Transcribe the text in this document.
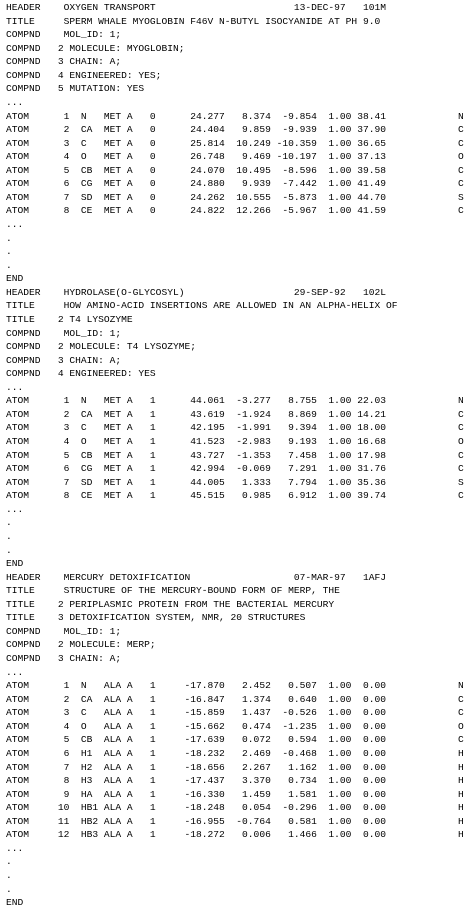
HEADER    OXYGEN TRANSPORT                        13-DEC-97   101M
TITLE     SPERM WHALE MYOGLOBIN F46V N-BUTYL ISOCYANIDE AT PH 9.0
COMPND    MOL_ID: 1;
COMPND   2 MOLECULE: MYOGLOBIN;
COMPND   3 CHAIN: A;
COMPND   4 ENGINEERED: YES;
COMPND   5 MUTATION: YES
...
ATOM      1  N   MET A   0      24.277   8.374  -9.854  1.00 38.41	N
ATOM      2  CA  MET A   0      24.404   9.859  -9.939  1.00 37.90	C
ATOM      3  C   MET A   0      25.814  10.249 -10.359  1.00 36.65	C
ATOM      4  O   MET A   0      26.748   9.469 -10.197  1.00 37.13	O
ATOM      5  CB  MET A   0      24.070  10.495  -8.596  1.00 39.58	C
ATOM      6  CG  MET A   0      24.880   9.939  -7.442  1.00 41.49	C
ATOM      7  SD  MET A   0      24.262  10.555  -5.873  1.00 44.70	S
ATOM      8  CE  MET A   0      24.822  12.266  -5.967  1.00 41.59	C
...
.
.
.
END
HEADER    HYDROLASE(O-GLYCOSYL)                   29-SEP-92   102L
TITLE     HOW AMINO-ACID INSERTIONS ARE ALLOWED IN AN ALPHA-HELIX OF
TITLE    2 T4 LYSOZYME
COMPND    MOL_ID: 1;
COMPND   2 MOLECULE: T4 LYSOZYME;
COMPND   3 CHAIN: A;
COMPND   4 ENGINEERED: YES
...
ATOM      1  N   MET A   1      44.061  -3.277   8.755  1.00 22.03	N
ATOM      2  CA  MET A   1      43.619  -1.924   8.869  1.00 14.21	C
ATOM      3  C   MET A   1      42.195  -1.991   9.394  1.00 18.00	C
ATOM      4  O   MET A   1      41.523  -2.983   9.193  1.00 16.68	O
ATOM      5  CB  MET A   1      43.727  -1.353   7.458  1.00 17.98	C
ATOM      6  CG  MET A   1      42.994  -0.069   7.291  1.00 31.76	C
ATOM      7  SD  MET A   1      44.005   1.333   7.794  1.00 35.36	S
ATOM      8  CE  MET A   1      45.515   0.985   6.912  1.00 39.74	C
...
.
.
.
END
HEADER    MERCURY DETOXIFICATION                  07-MAR-97   1AFJ
TITLE     STRUCTURE OF THE MERCURY-BOUND FORM OF MERP, THE
TITLE    2 PERIPLASMIC PROTEIN FROM THE BACTERIAL MERCURY
TITLE    3 DETOXIFICATION SYSTEM, NMR, 20 STRUCTURES
COMPND    MOL_ID: 1;
COMPND   2 MOLECULE: MERP;
COMPND   3 CHAIN: A;
...
ATOM      1  N   ALA A   1     -17.870   2.452   0.507  1.00  0.00	N
ATOM      2  CA  ALA A   1     -16.847   1.374   0.640  1.00  0.00	C
ATOM      3  C   ALA A   1     -15.859   1.437  -0.526  1.00  0.00	C
ATOM      4  O   ALA A   1     -15.662   0.474  -1.235  1.00  0.00	O
ATOM      5  CB  ALA A   1     -17.639   0.072   0.594  1.00  0.00	C
ATOM      6  H1  ALA A   1     -18.232   2.469  -0.468  1.00  0.00	H
ATOM      7  H2  ALA A   1     -18.656   2.267   1.162  1.00  0.00	H
ATOM      8  H3  ALA A   1     -17.437   3.370   0.734  1.00  0.00	H
ATOM      9  HA  ALA A   1     -16.330   1.459   1.581  1.00  0.00	H
ATOM     10  HB1 ALA A   1     -18.248   0.054  -0.296  1.00  0.00	H
ATOM     11  HB2 ALA A   1     -16.955  -0.764   0.581  1.00  0.00	H
ATOM     12  HB3 ALA A   1     -18.272   0.006   1.466  1.00  0.00	H
...
.
.
.
END
